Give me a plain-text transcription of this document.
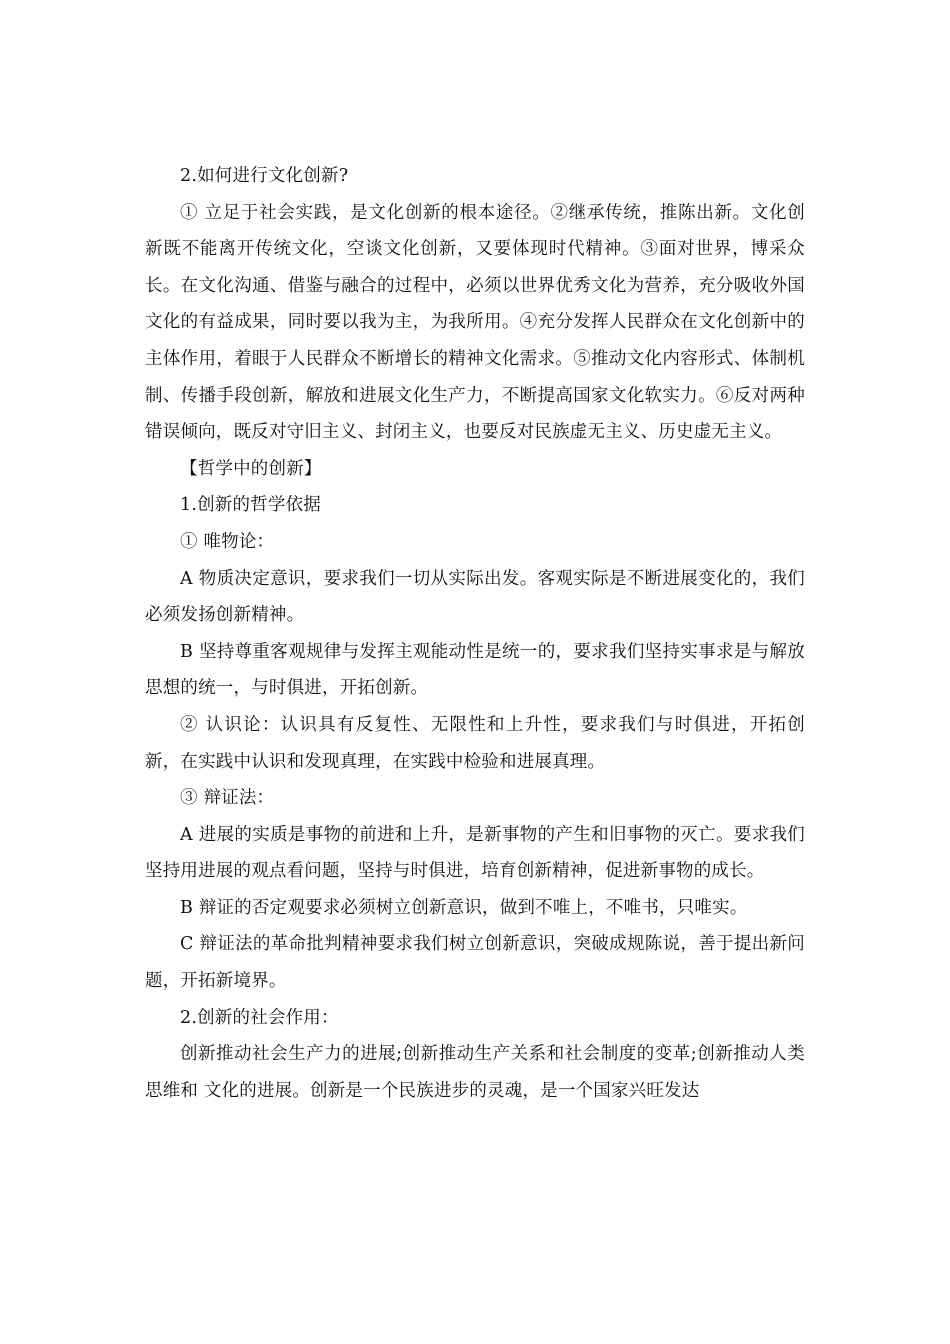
2.如何进行文化创新?

① 立足于社会实践，是文化创新的根本途径。②继承传统，推陈出新。文化创新既不能离开传统文化，空谈文化创新，又要体现时代精神。③面对世界，博采众长。在文化沟通、借鉴与融合的过程中，必须以世界优秀文化为营养，充分吸收外国文化的有益成果，同时要以我为主，为我所用。④充分发挥人民群众在文化创新中的主体作用，着眼于人民群众不断增长的精神文化需求。⑤推动文化内容形式、体制机制、传播手段创新，解放和进展文化生产力，不断提高国家文化软实力。⑥反对两种错误倾向，既反对守旧主义、封闭主义，也要反对民族虚无主义、历史虚无主义。

【哲学中的创新】

1.创新的哲学依据

① 唯物论：

A 物质决定意识，要求我们一切从实际出发。客观实际是不断进展变化的，我们必须发扬创新精神。

B 坚持尊重客观规律与发挥主观能动性是统一的，要求我们坚持实事求是与解放思想的统一，与时俱进，开拓创新。

② 认识论：认识具有反复性、无限性和上升性，要求我们与时俱进，开拓创新，在实践中认识和发现真理，在实践中检验和进展真理。

③ 辩证法：

A 进展的实质是事物的前进和上升，是新事物的产生和旧事物的灭亡。要求我们坚持用进展的观点看问题，坚持与时俱进，培育创新精神，促进新事物的成长。

B 辩证的否定观要求必须树立创新意识，做到不唯上，不唯书，只唯实。

C 辩证法的革命批判精神要求我们树立创新意识，突破成规陈说，善于提出新问题，开拓新境界。

2.创新的社会作用：

创新推动社会生产力的进展;创新推动生产关系和社会制度的变革;创新推动人类思维和 文化的进展。创新是一个民族进步的灵魂，是一个国家兴旺发达
